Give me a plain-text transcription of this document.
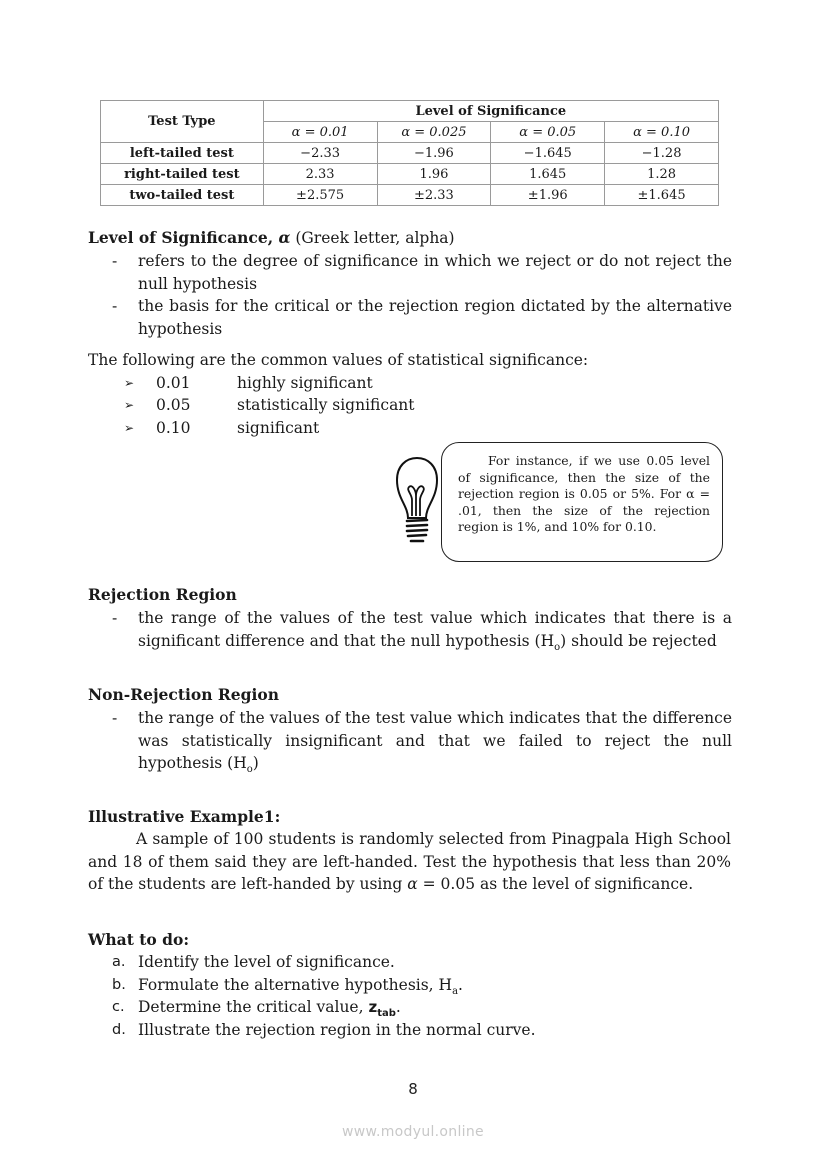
Test Type	Level of Significance			
	α = 0.01	α = 0.025	α = 0.05	α = 0.10
left-tailed test	−2.33	−1.96	−1.645	−1.28
right-tailed test	2.33	1.96	1.645	1.28
two-tailed test	±2.575	±2.33	±1.96	±1.645
Level of Significance, α (Greek letter, alpha)
- refers to the degree of significance in which we reject or do not reject the null hypothesis
- the basis for the critical or the rejection region dictated by the alternative hypothesis
The following are the common values of statistical significance:
➢ 0.01	highly significant
➢ 0.05	statistically significant
➢ 0.10	significant
For instance, if we use 0.05 level of significance, then the size of the rejection region is 0.05 or 5%. For α = .01, then the size of the rejection region is 1%, and 10% for 0.10.
Rejection Region
- the range of the values of the test value which indicates that there is a significant difference and that the null hypothesis $(H_o)$ should be rejected
Non-Rejection Region
- the range of the values of the test value which indicates that the difference was statistically insignificant and that we failed to reject the null hypothesis $(H_o)$
Illustrative Example1:
A sample of 100 students is randomly selected from Pinagpala High School and 18 of them said they are left-handed. Test the hypothesis that less than 20% of the students are left-handed by using α = 0.05 as the level of significance.
What to do:
a. Identify the level of significance.
b. Formulate the alternative hypothesis, $H_a$.
c. Determine the critical value, $z_{tab}$.
d. Illustrate the rejection region in the normal curve.
8
www.modyul.online
